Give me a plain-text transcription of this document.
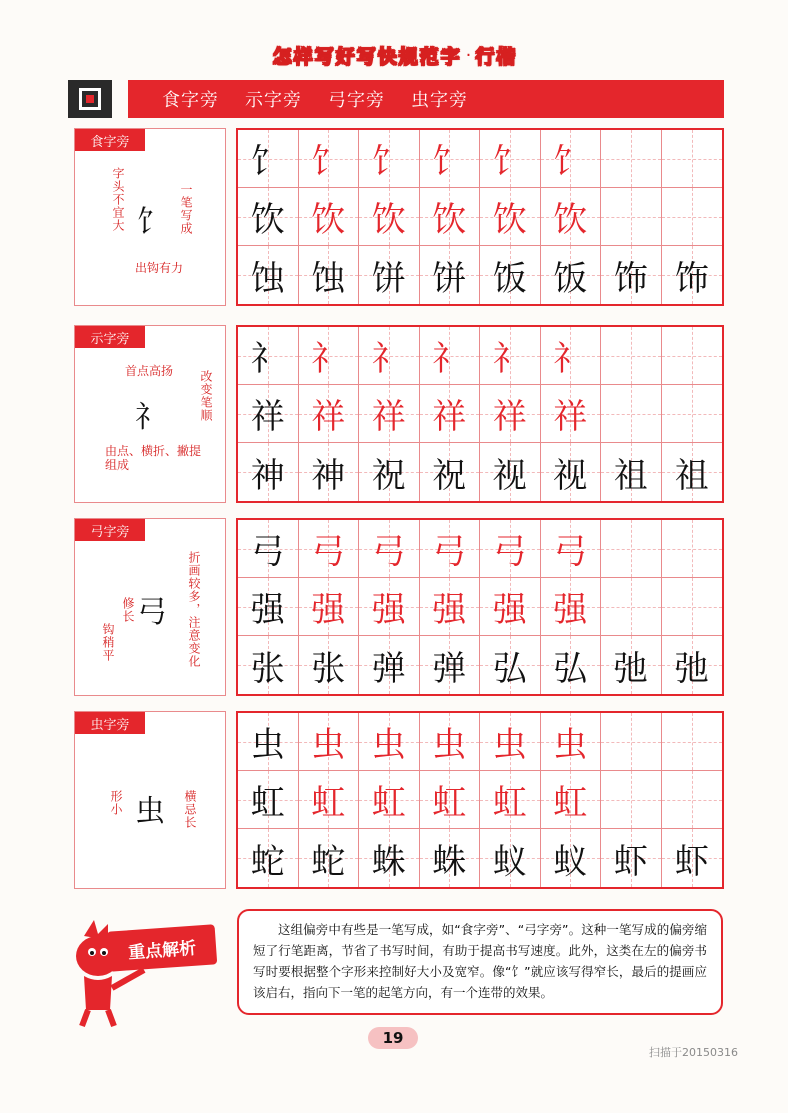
怎样写好写快规范字 · 行楷
食字旁 示字旁 弓字旁 虫字旁
食字旁
字头不宜大	一笔写成
出钩有力
饣
饣 饣 饣 饣 饣 饣
饮 饮 饮 饮 饮 饮
蚀 蚀 饼 饼 饭 饭 饰 饰
示字旁
首点高扬 改变笔顺
由点、横折、撇提组成
礻
礻 礻 礻 礻 礻 礻
祥 祥 祥 祥 祥 祥
神 神 祝 祝 视 视 祖 祖
弓字旁
修长
钩稍平	折画较多，注意变化
弓
弓 弓 弓 弓 弓 弓
强 强 强 强 强 强
张 张 弹 弹 弘 弘 弛 弛
虫字旁
形小	横忌长
虫
虫 虫 虫 虫 虫 虫
虹 虹 虹 虹 虹 虹
蛇 蛇 蛛 蛛 蚁 蚁 虾 虾
重点解析

这组偏旁中有些是一笔写成，如“食字旁”、“弓字旁”。这种一笔写成的偏旁缩短了行笔距离，节省了书写时间，有助于提高书写速度。此外，这类在左的偏旁书写时要根据整个字形来控制好大小及宽窄。像“饣”就应该写得窄长，最后的提画应该启右，指向下一笔的起笔方向，有一个连带的效果。

19
扫描于20150316
